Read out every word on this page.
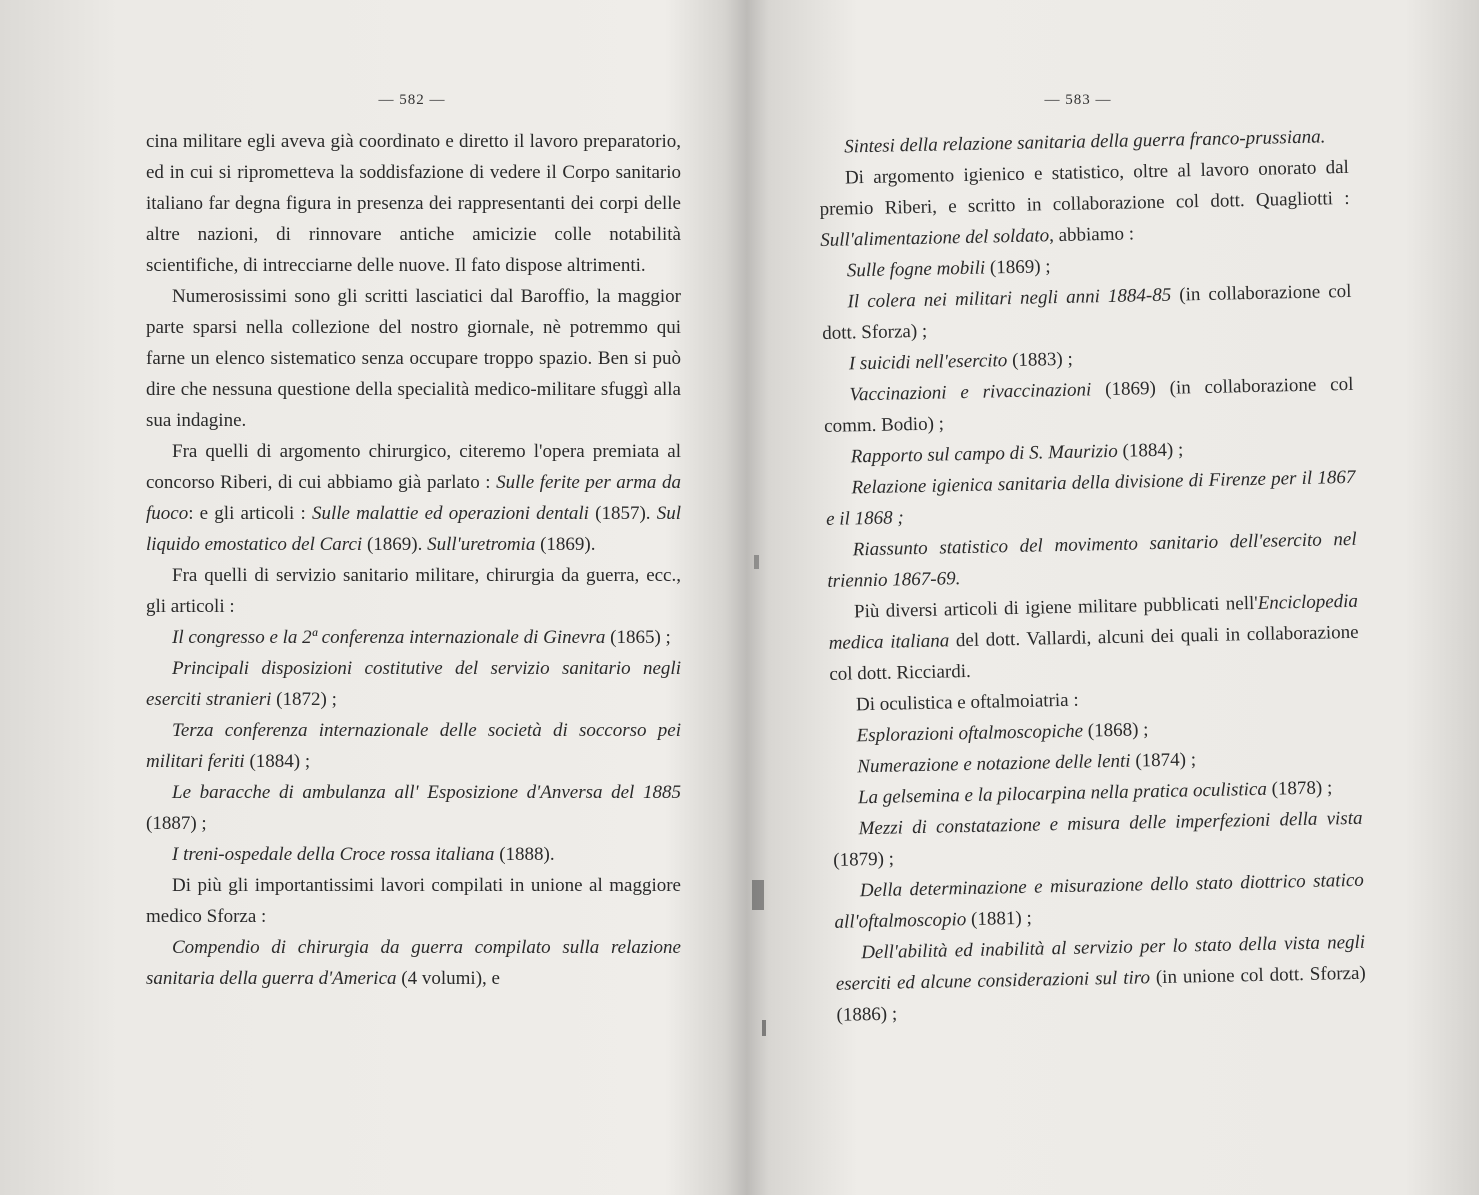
— 582 —

cina militare egli aveva già coordinato e diretto il lavoro preparatorio, ed in cui si riprometteva la soddisfazione di vedere il Corpo sanitario italiano far degna figura in presenza dei rappresentanti dei corpi delle altre nazioni, di rinnovare antiche amicizie colle notabilità scientifiche, di intrecciarne delle nuove. Il fato dispose altrimenti.

Numerosissimi sono gli scritti lasciatici dal Baroffio, la maggior parte sparsi nella collezione del nostro giornale, nè potremmo qui farne un elenco sistematico senza occupare troppo spazio. Ben si può dire che nessuna questione della specialità medico-militare sfuggì alla sua indagine.

Fra quelli di argomento chirurgico, citeremo l'opera premiata al concorso Riberi, di cui abbiamo già parlato : Sulle ferite per arma da fuoco: e gli articoli : Sulle malattie ed operazioni dentali (1857). Sul liquido emostatico del Carci (1869). Sull'uretromia (1869).

Fra quelli di servizio sanitario militare, chirurgia da guerra, ecc., gli articoli :

Il congresso e la 2ª conferenza internazionale di Ginevra (1865) ;

Principali disposizioni costitutive del servizio sanitario negli eserciti stranieri (1872) ;

Terza conferenza internazionale delle società di soccorso pei militari feriti (1884) ;

Le baracche di ambulanza all' Esposizione d'Anversa del 1885 (1887) ;

I treni-ospedale della Croce rossa italiana (1888).

Di più gli importantissimi lavori compilati in unione al maggiore medico Sforza :

Compendio di chirurgia da guerra compilato sulla relazione sanitaria della guerra d'America (4 volumi), e

— 583 —

Sintesi della relazione sanitaria della guerra franco-prussiana.

Di argomento igienico e statistico, oltre al lavoro onorato dal premio Riberi, e scritto in collaborazione col dott. Quagliotti : Sull'alimentazione del soldato, abbiamo :

Sulle fogne mobili (1869) ;

Il colera nei militari negli anni 1884-85 (in collaborazione col dott. Sforza) ;

I suicidi nell'esercito (1883) ;

Vaccinazioni e rivaccinazioni (1869) (in collaborazione col comm. Bodio) ;

Rapporto sul campo di S. Maurizio (1884) ;

Relazione igienica sanitaria della divisione di Firenze per il 1867 e il 1868 ;

Riassunto statistico del movimento sanitario dell'esercito nel triennio 1867-69.

Più diversi articoli di igiene militare pubblicati nell'Enciclopedia medica italiana del dott. Vallardi, alcuni dei quali in collaborazione col dott. Ricciardi.

Di oculistica e oftalmoiatria :

Esplorazioni oftalmoscopiche (1868) ;

Numerazione e notazione delle lenti (1874) ;

La gelsemina e la pilocarpina nella pratica oculistica (1878) ;

Mezzi di constatazione e misura delle imperfezioni della vista (1879) ;

Della determinazione e misurazione dello stato diottrico statico all'oftalmoscopio (1881) ;

Dell'abilità ed inabilità al servizio per lo stato della vista negli eserciti ed alcune considerazioni sul tiro (in unione col dott. Sforza) (1886) ;
